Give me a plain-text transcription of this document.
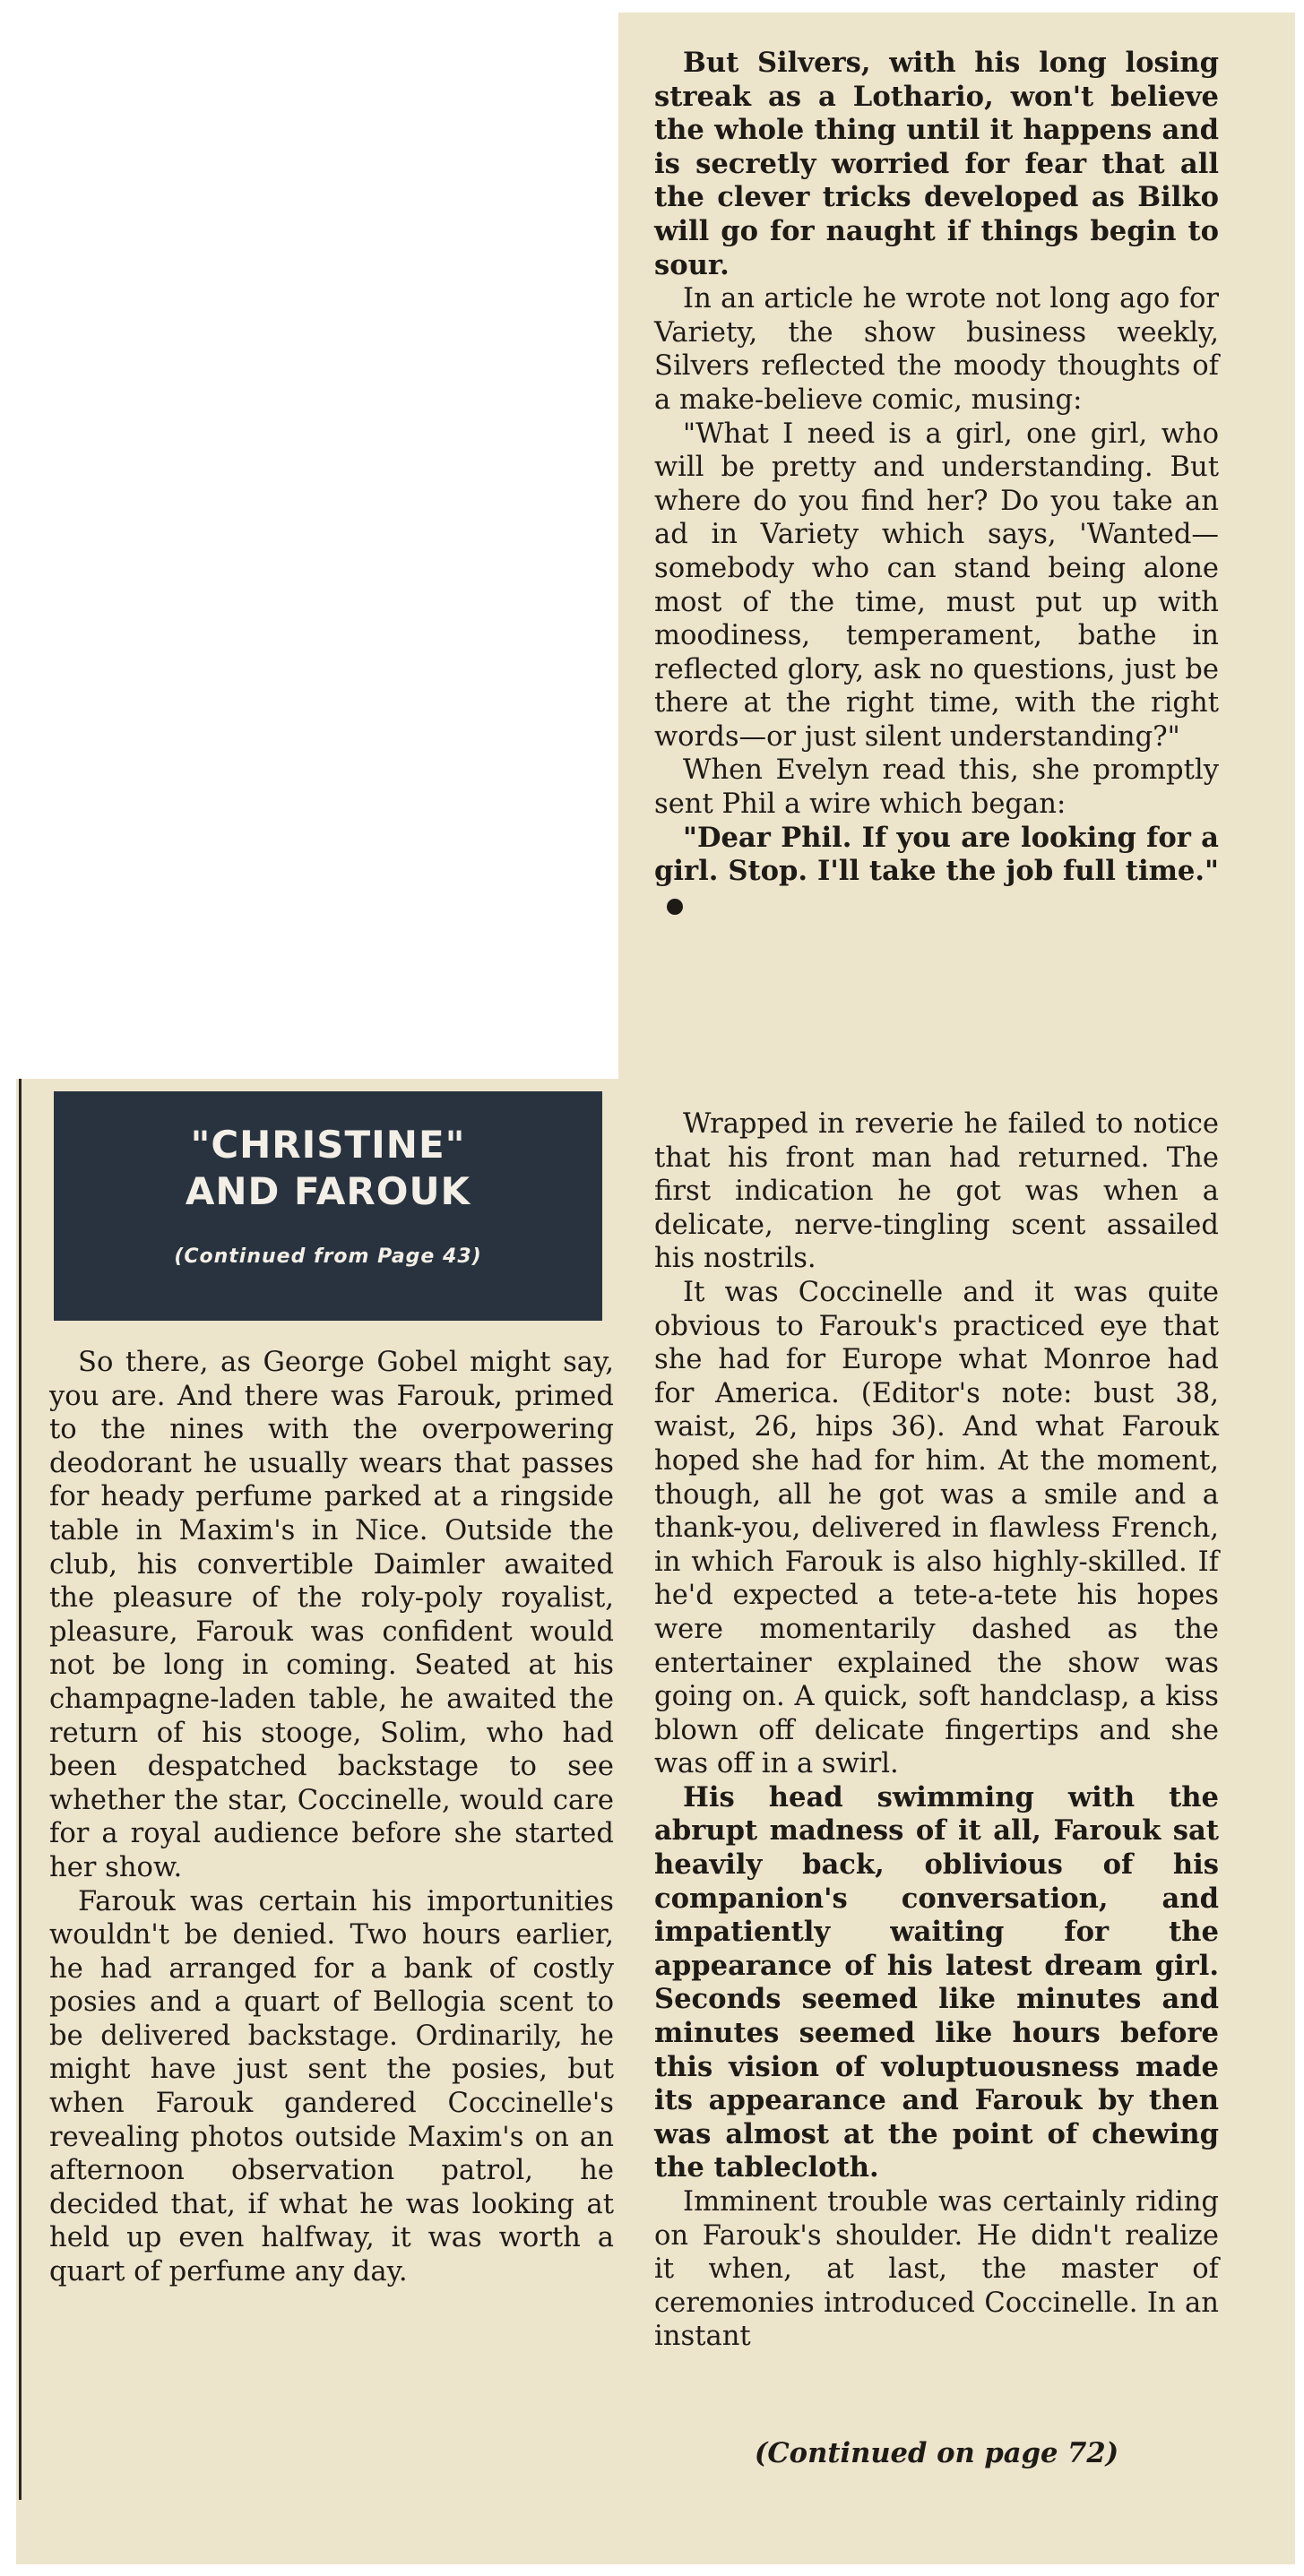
But Silvers, with his long losing streak as a Lothario, won't believe the whole thing until it happens and is secretly worried for fear that all the clever tricks developed as Bilko will go for naught if things begin to sour.

In an article he wrote not long ago for Variety, the show business weekly, Silvers reflected the moody thoughts of a make-believe comic, musing:

"What I need is a girl, one girl, who will be pretty and understanding. But where do you find her? Do you take an ad in Variety which says, 'Wanted—somebody who can stand being alone most of the time, must put up with moodiness, temperament, bathe in reflected glory, ask no questions, just be there at the right time, with the right words—or just silent understanding?"

When Evelyn read this, she promptly sent Phil a wire which began:

"Dear Phil. If you are looking for a girl. Stop. I'll take the job full time."

"CHRISTINE"
AND FAROUK
(Continued from Page 43)

So there, as George Gobel might say, you are. And there was Farouk, primed to the nines with the overpowering deodorant he usually wears that passes for heady perfume parked at a ringside table in Maxim's in Nice. Outside the club, his convertible Daimler awaited the pleasure of the roly-poly royalist, pleasure, Farouk was confident would not be long in coming. Seated at his champagne-laden table, he awaited the return of his stooge, Solim, who had been despatched backstage to see whether the star, Coccinelle, would care for a royal audience before she started her show.

Farouk was certain his importunities wouldn't be denied. Two hours earlier, he had arranged for a bank of costly posies and a quart of Bellogia scent to be delivered backstage. Ordinarily, he might have just sent the posies, but when Farouk gandered Coccinelle's revealing photos outside Maxim's on an afternoon observation patrol, he decided that, if what he was looking at held up even halfway, it was worth a quart of perfume any day.

Wrapped in reverie he failed to notice that his front man had returned. The first indication he got was when a delicate, nerve-tingling scent assailed his nostrils.

It was Coccinelle and it was quite obvious to Farouk's practiced eye that she had for Europe what Monroe had for America. (Editor's note: bust 38, waist, 26, hips 36). And what Farouk hoped she had for him. At the moment, though, all he got was a smile and a thank-you, delivered in flawless French, in which Farouk is also highly-skilled. If he'd expected a tete-a-tete his hopes were momentarily dashed as the entertainer explained the show was going on. A quick, soft handclasp, a kiss blown off delicate fingertips and she was off in a swirl.

His head swimming with the abrupt madness of it all, Farouk sat heavily back, oblivious of his companion's conversation, and impatiently waiting for the appearance of his latest dream girl. Seconds seemed like minutes and minutes seemed like hours before this vision of voluptuousness made its appearance and Farouk by then was almost at the point of chewing the tablecloth.

Imminent trouble was certainly riding on Farouk's shoulder. He didn't realize it when, at last, the master of ceremonies introduced Coccinelle. In an instant

(Continued on page 72)
